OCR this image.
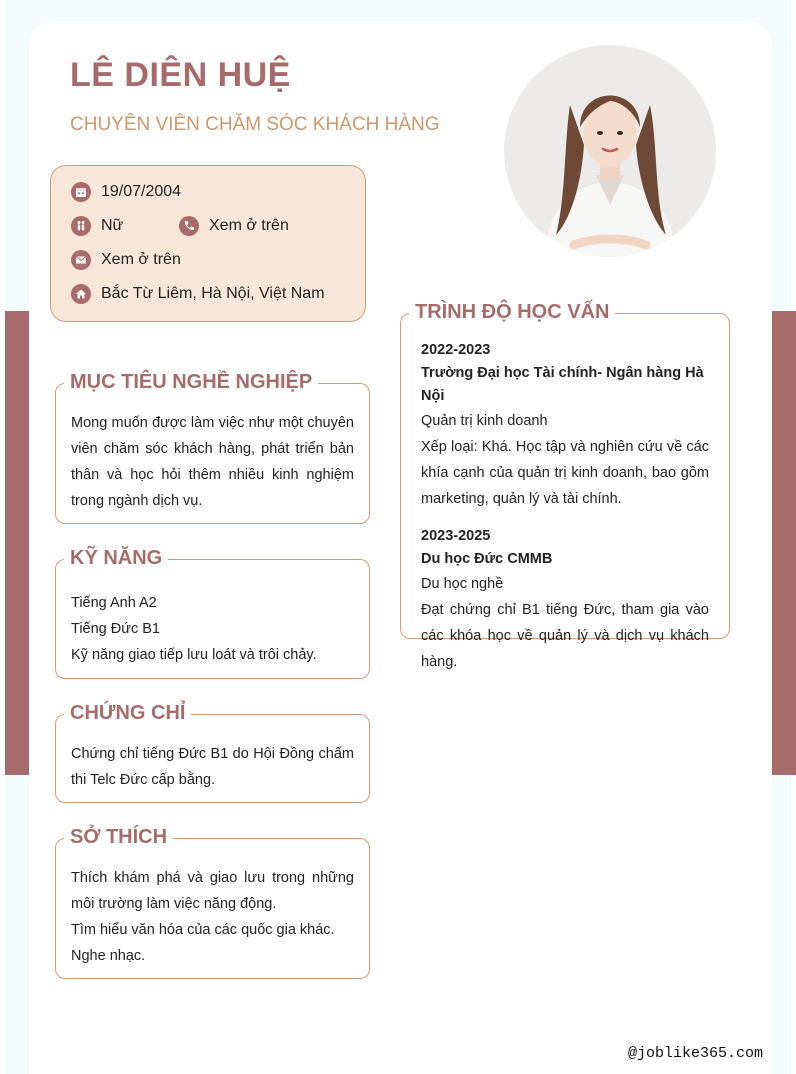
LÊ DIÊN HUỆ
CHUYÊN VIÊN CHĂM SÓC KHÁCH HÀNG
19/07/2004
Nữ	Xem ở trên
Xem ở trên
Bắc Từ Liêm, Hà Nội, Việt Nam
MỤC TIÊU NGHỀ NGHIỆP

Mong muốn được làm việc như một chuyên viên chăm sóc khách hàng, phát triển bản thân và học hỏi thêm nhiều kinh nghiệm trong ngành dịch vụ.

KỸ NĂNG

Tiếng Anh A2

Tiếng Đức B1

Kỹ năng giao tiếp lưu loát và trôi chảy.

CHỨNG CHỈ

Chứng chỉ tiếng Đức B1 do Hội Đồng chấm thi Telc Đức cấp bằng.

SỞ THÍCH

Thích khám phá và giao lưu trong những môi trường làm việc năng động.

Tìm hiểu văn hóa của các quốc gia khác.

Nghe nhạc.

TRÌNH ĐỘ HỌC VẤN
2022-2023
Trường Đại học Tài chính- Ngân hàng Hà Nội
Quản trị kinh doanh

Xếp loại: Khá. Học tập và nghiên cứu về các khía cạnh của quản trị kinh doanh, bao gồm marketing, quản lý và tài chính.

2023-2025
Du học Đức CMMB
Du học nghề

Đạt chứng chỉ B1 tiếng Đức, tham gia vào các khóa học về quản lý và dịch vụ khách hàng.

@joblike365.com
